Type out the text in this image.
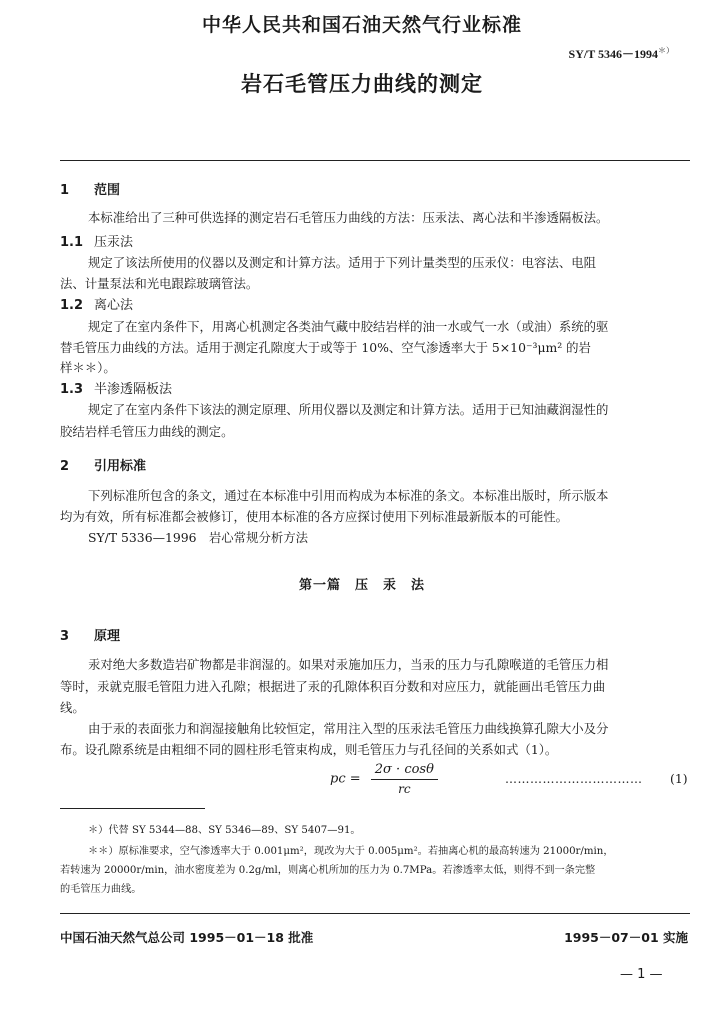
中华人民共和国石油天然气行业标准
SY/T 5346－1994＊）
岩石毛管压力曲线的测定
1 范围
本标准给出了三种可供选择的测定岩石毛管压力曲线的方法：压汞法、离心法和半渗透隔板法。
1.1 压汞法
规定了该法所使用的仪器以及测定和计算方法。适用于下列计量类型的压汞仪：电容法、电阻
法、计量泵法和光电跟踪玻璃管法。
1.2 离心法
规定了在室内条件下，用离心机测定各类油气藏中胶结岩样的油一水或气一水（或油）系统的驱
替毛管压力曲线的方法。适用于测定孔隙度大于或等于 10%、空气渗透率大于 5×10⁻³μm² 的岩
样＊＊）。
1.3 半渗透隔板法
规定了在室内条件下该法的测定原理、所用仪器以及测定和计算方法。适用于已知油藏润湿性的
胶结岩样毛管压力曲线的测定。
2 引用标准
下列标准所包含的条文，通过在本标准中引用而构成为本标准的条文。本标准出版时，所示版本
均为有效，所有标准都会被修订，使用本标准的各方应探讨使用下列标准最新版本的可能性。
SY/T 5336—1996　岩心常规分析方法
第一篇　压　汞　法
3 原理
汞对绝大多数造岩矿物都是非润湿的。如果对汞施加压力，当汞的压力与孔隙喉道的毛管压力相
等时，汞就克服毛管阻力进入孔隙；根据进了汞的孔隙体积百分数和对应压力，就能画出毛管压力曲
线。
由于汞的表面张力和润湿接触角比较恒定，常用注入型的压汞法毛管压力曲线换算孔隙大小及分
布。设孔隙系统是由粗细不同的圆柱形毛管束构成，则毛管压力与孔径间的关系如式（1）。
pc = $\frac{2\sigma \cdot \cos\theta}{rc}$	…………………………… (1)
＊）代替 SY 5344—88、SY 5346—89、SY 5407—91。
＊＊）原标准要求，空气渗透率大于 0.001μm²，现改为大于 0.005μm²。若抽离心机的最高转速为 21000r/min，
若转速为 20000r/min，油水密度差为 0.2g/ml，则离心机所加的压力为 0.7MPa。若渗透率太低，则得不到一条完整
的毛管压力曲线。
中国石油天然气总公司 1995－01－18 批准	1995－07－01 实施
— 1 —
